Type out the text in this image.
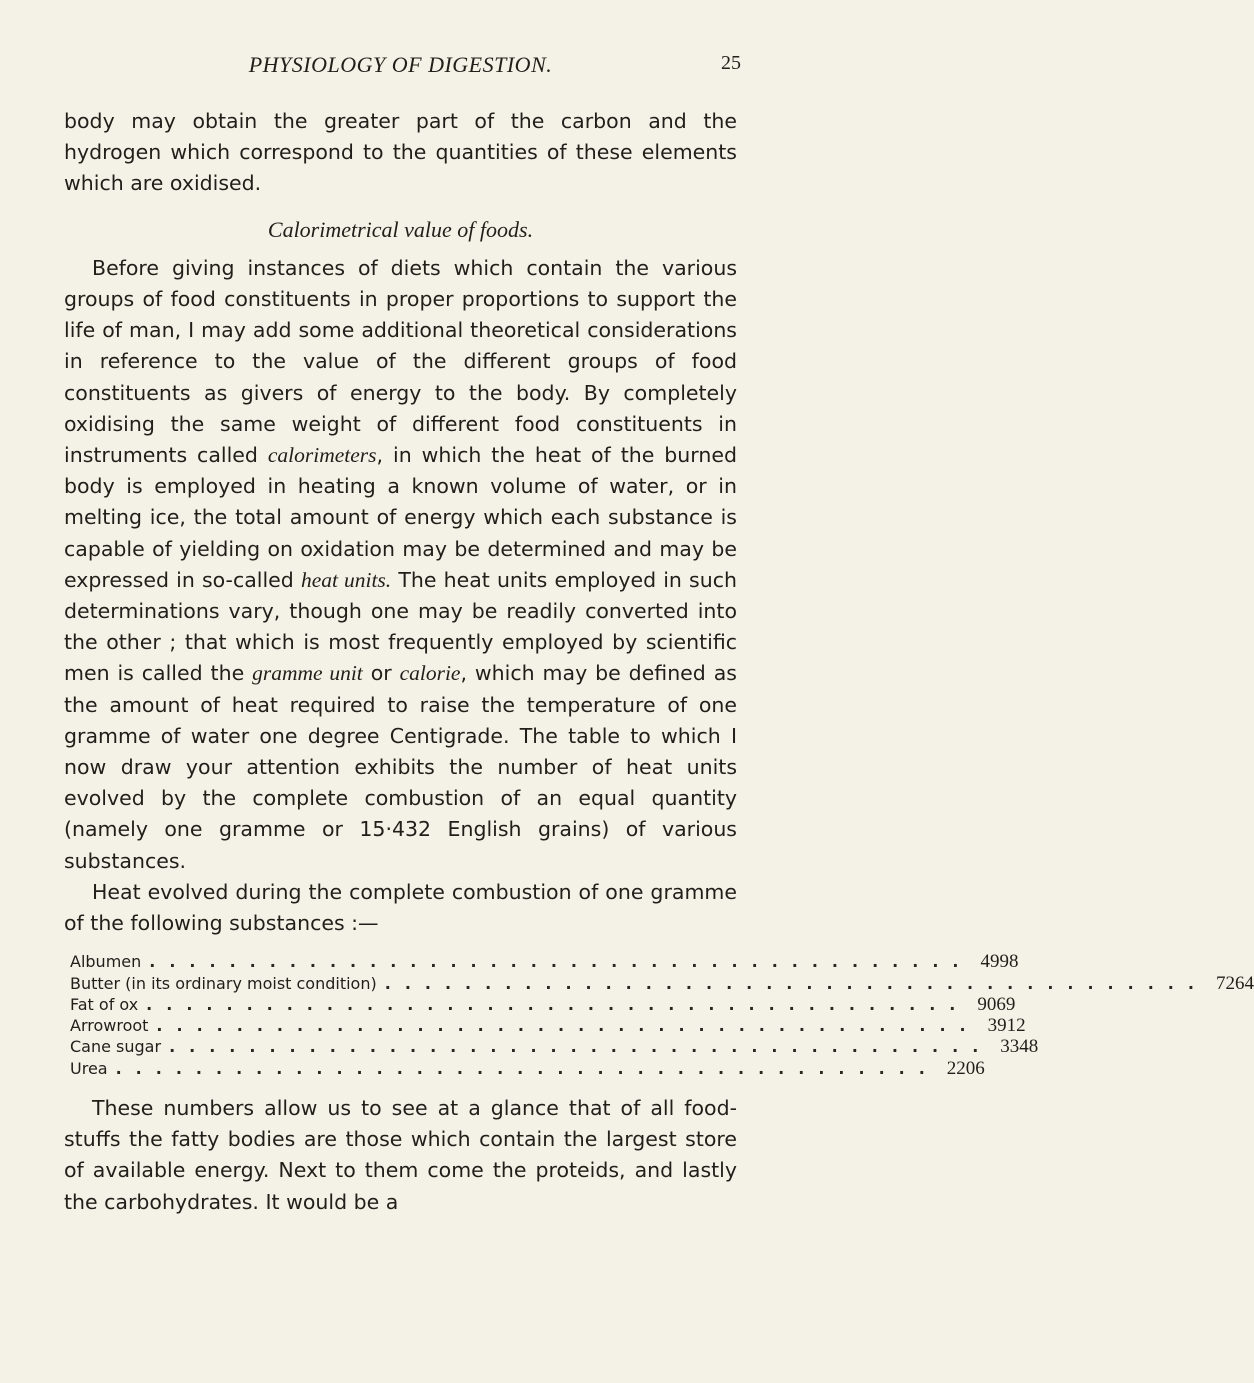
PHYSIOLOGY OF DIGESTION.	25

body may obtain the greater part of the carbon and the hydrogen which correspond to the quantities of these elements which are oxidised.

Calorimetrical value of foods.

Before giving instances of diets which contain the various groups of food constituents in proper proportions to support the life of man, I may add some additional theoretical considerations in reference to the value of the different groups of food constituents as givers of energy to the body. By completely oxidising the same weight of different food constituents in instruments called calorimeters, in which the heat of the burned body is employed in heating a known volume of water, or in melting ice, the total amount of energy which each substance is capable of yielding on oxidation may be determined and may be expressed in so-called heat units. The heat units employed in such determinations vary, though one may be readily converted into the other ; that which is most frequently employed by scientific men is called the gramme unit or calorie, which may be defined as the amount of heat required to raise the temperature of one gramme of water one degree Centigrade. The table to which I now draw your attention exhibits the number of heat units evolved by the complete combustion of an equal quantity (namely one gramme or 15·432 English grains) of various substances.

Heat evolved during the complete combustion of one gramme of the following substances :—

Albumen ......................................... 4998
Butter (in its ordinary moist condition) ......................................... 7264
Fat of ox ......................................... 9069
Arrowroot ......................................... 3912
Cane sugar ......................................... 3348
Urea ......................................... 2206

These numbers allow us to see at a glance that of all food-stuffs the fatty bodies are those which contain the largest store of available energy. Next to them come the proteids, and lastly the carbohydrates. It would be a
